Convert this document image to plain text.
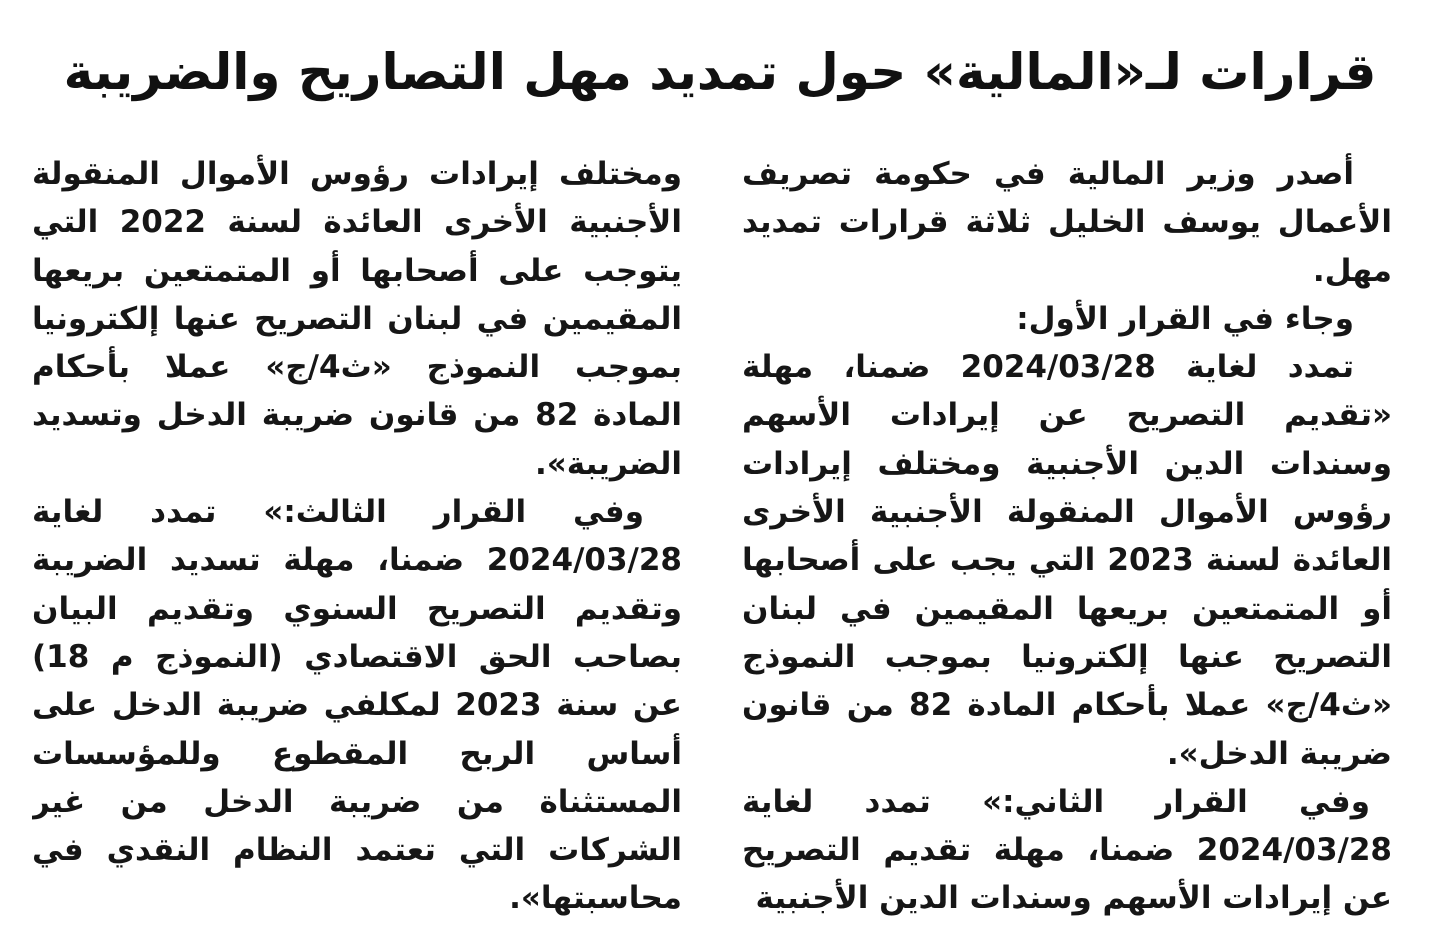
قرارات لـ«المالية» حول تمديد مهل التصاريح والضريبة

أصدر وزير المالية في حكومة تصريف الأعمال يوسف الخليل ثلاثة قرارات تمديد مهل.

وجاء في القرار الأول:

تمدد لغاية 2024/03/28 ضمنا، مهلة «تقديم التصريح عن إيرادات الأسهم وسندات الدين الأجنبية ومختلف إيرادات رؤوس الأموال المنقولة الأجنبية الأخرى العائدة لسنة 2023 التي يجب على أصحابها أو المتمتعين بريعها المقيمين في لبنان التصريح عنها إلكترونيا بموجب النموذج «ث4/ج» عملا بأحكام المادة 82 من قانون ضريبة الدخل».

وفي القرار الثاني:» تمدد لغاية 2024/03/28 ضمنا، مهلة تقديم التصريح عن إيرادات الأسهم وسندات الدين الأجنبية

ومختلف إيرادات رؤوس الأموال المنقولة الأجنبية الأخرى العائدة لسنة 2022 التي يتوجب على أصحابها أو المتمتعين بريعها المقيمين في لبنان التصريح عنها إلكترونيا بموجب النموذج «ث4/ج» عملا بأحكام المادة 82 من قانون ضريبة الدخل وتسديد الضريبة».

وفي القرار الثالث:» تمدد لغاية 2024/03/28 ضمنا، مهلة تسديد الضريبة وتقديم التصريح السنوي وتقديم البيان بصاحب الحق الاقتصادي (النموذج م 18) عن سنة 2023 لمكلفي ضريبة الدخل على أساس الربح المقطوع وللمؤسسات المستثناة من ضريبة الدخل من غير الشركات التي تعتمد النظام النقدي في محاسبتها».
